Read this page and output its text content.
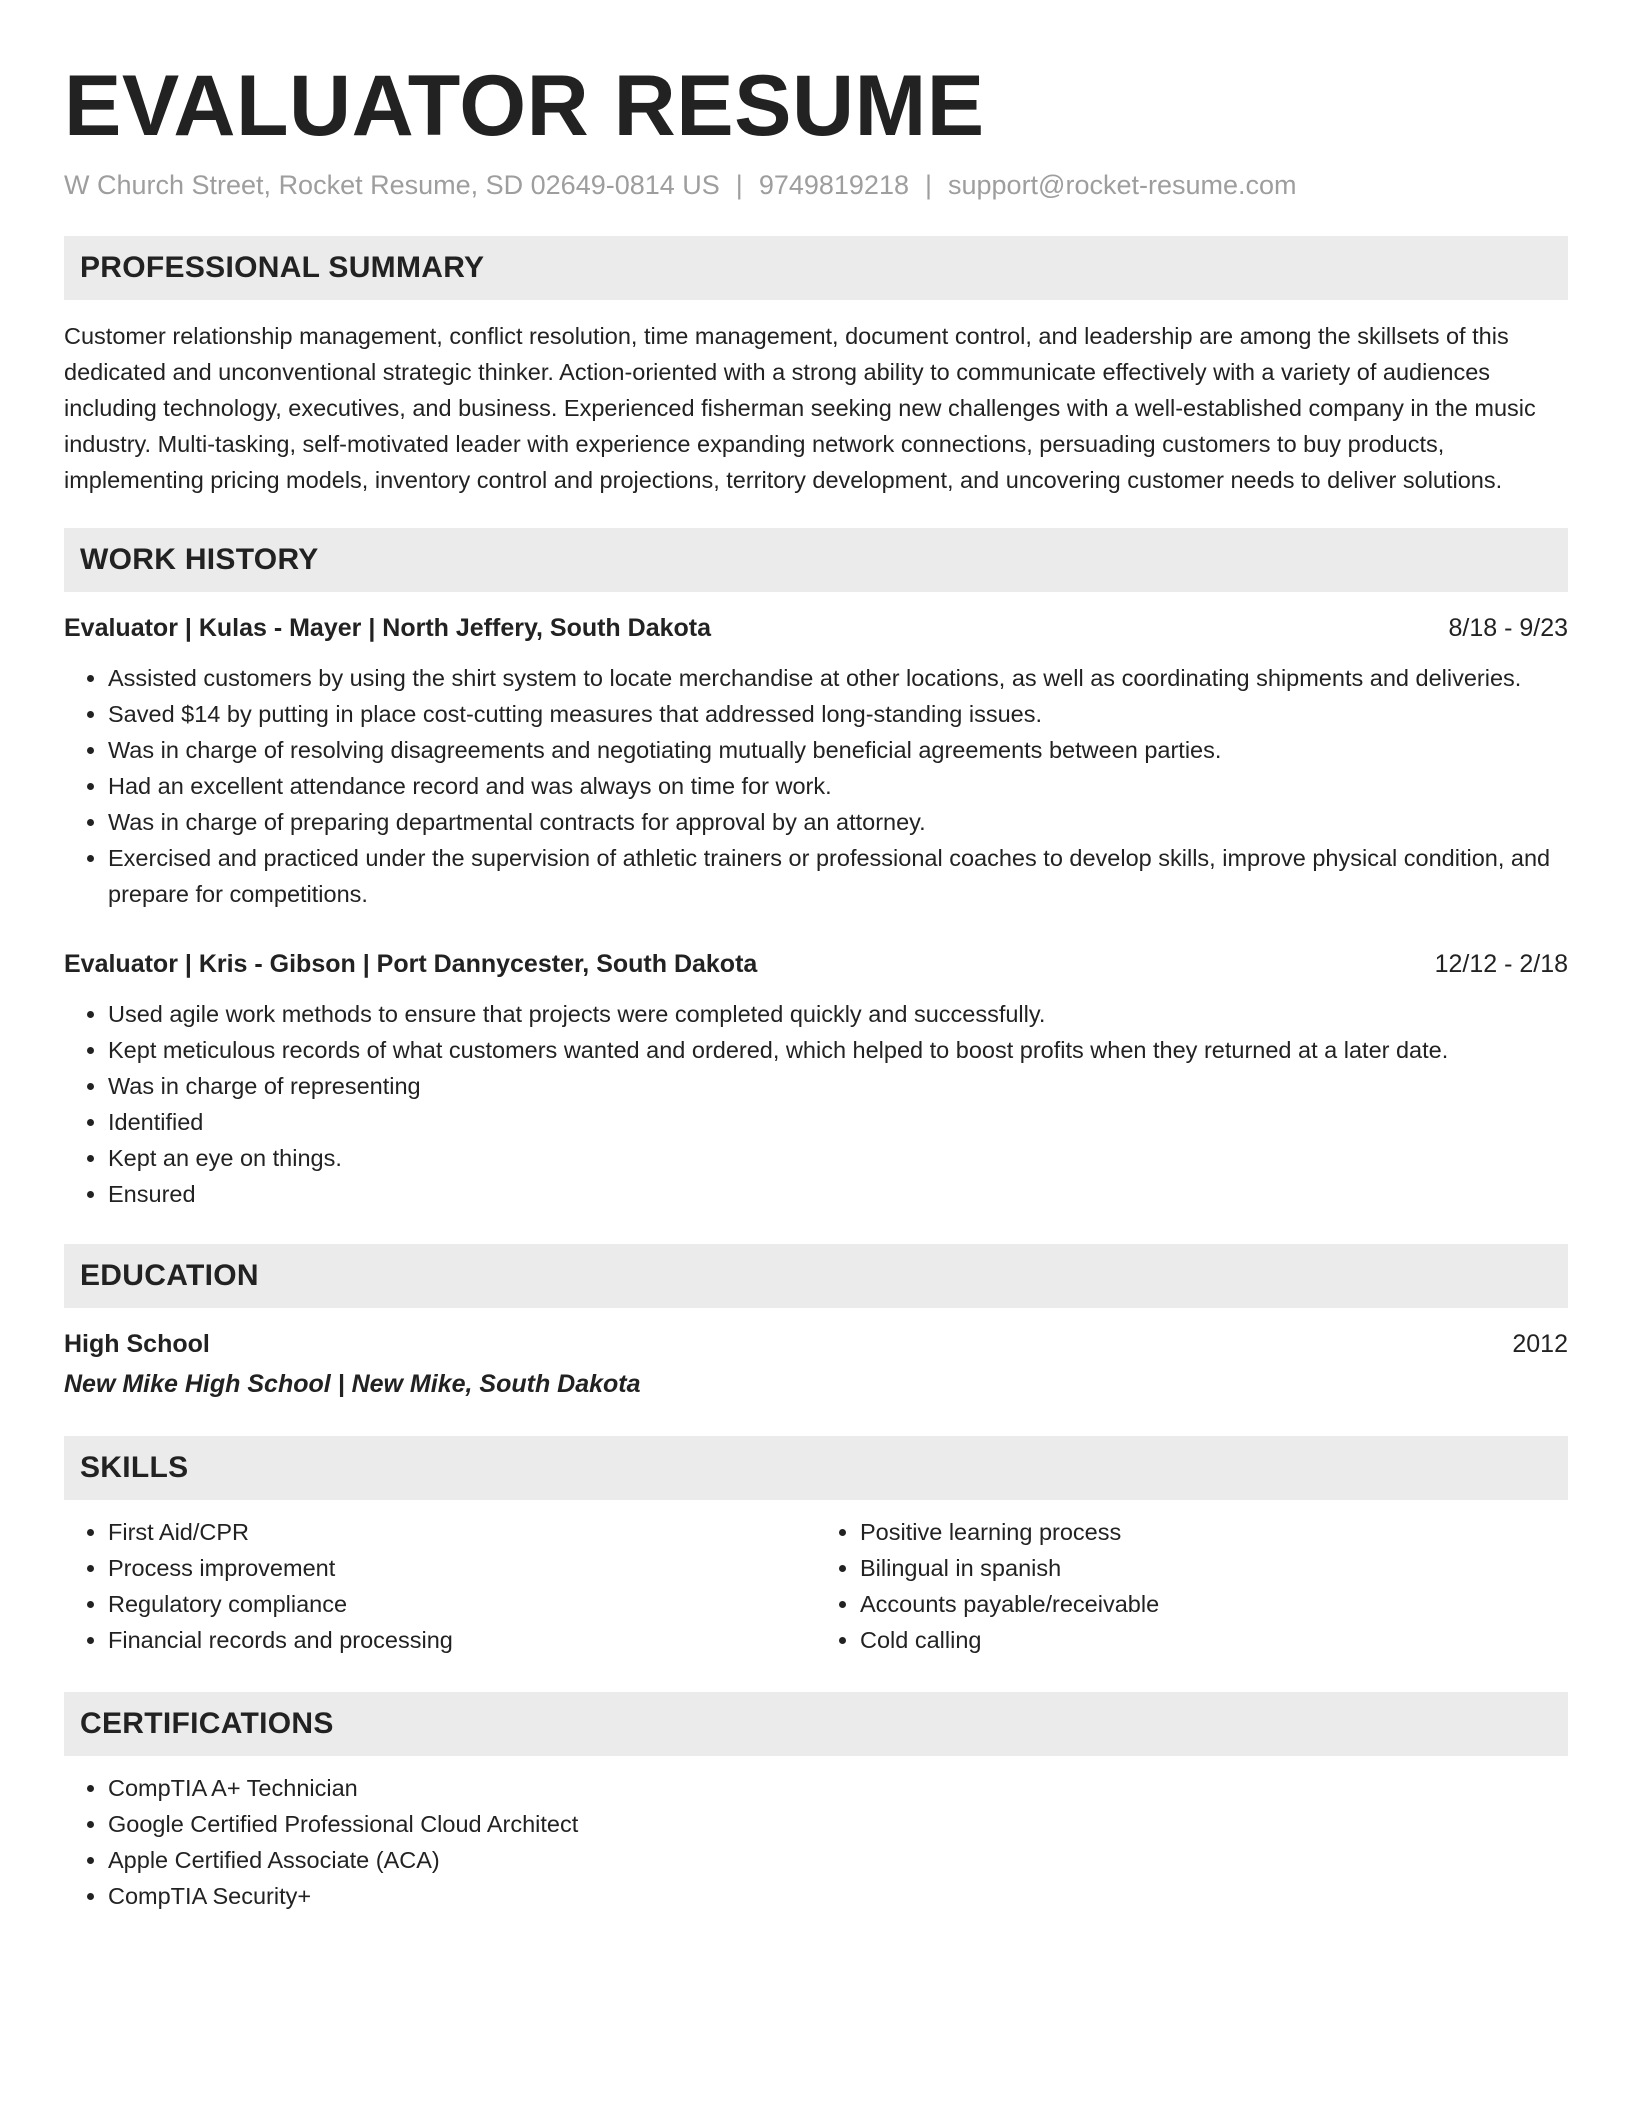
EVALUATOR RESUME
W Church Street, Rocket Resume, SD 02649-0814 US | 9749819218 | support@rocket-resume.com
PROFESSIONAL SUMMARY

Customer relationship management, conflict resolution, time management, document control, and leadership are among the skillsets of this dedicated and unconventional strategic thinker. Action-oriented with a strong ability to communicate effectively with a variety of audiences including technology, executives, and business. Experienced fisherman seeking new challenges with a well-established company in the music industry. Multi-tasking, self-motivated leader with experience expanding network connections, persuading customers to buy products, implementing pricing models, inventory control and projections, territory development, and uncovering customer needs to deliver solutions.

WORK HISTORY
Evaluator | Kulas - Mayer | North Jeffery, South Dakota	8/18 - 9/23
• Assisted customers by using the shirt system to locate merchandise at other locations, as well as coordinating shipments and deliveries.
• Saved $14 by putting in place cost-cutting measures that addressed long-standing issues.
• Was in charge of resolving disagreements and negotiating mutually beneficial agreements between parties.
• Had an excellent attendance record and was always on time for work.
• Was in charge of preparing departmental contracts for approval by an attorney.
• Exercised and practiced under the supervision of athletic trainers or professional coaches to develop skills, improve physical condition, and prepare for competitions.
Evaluator | Kris - Gibson | Port Dannycester, South Dakota	12/12 - 2/18
• Used agile work methods to ensure that projects were completed quickly and successfully.
• Kept meticulous records of what customers wanted and ordered, which helped to boost profits when they returned at a later date.
• Was in charge of representing
• Identified
• Kept an eye on things.
• Ensured
EDUCATION
High School	2012
New Mike High School | New Mike, South Dakota
SKILLS
• First Aid/CPR
• Process improvement
• Regulatory compliance
• Financial records and processing
• Positive learning process
• Bilingual in spanish
• Accounts payable/receivable
• Cold calling
CERTIFICATIONS
• CompTIA A+ Technician
• Google Certified Professional Cloud Architect
• Apple Certified Associate (ACA)
• CompTIA Security+
